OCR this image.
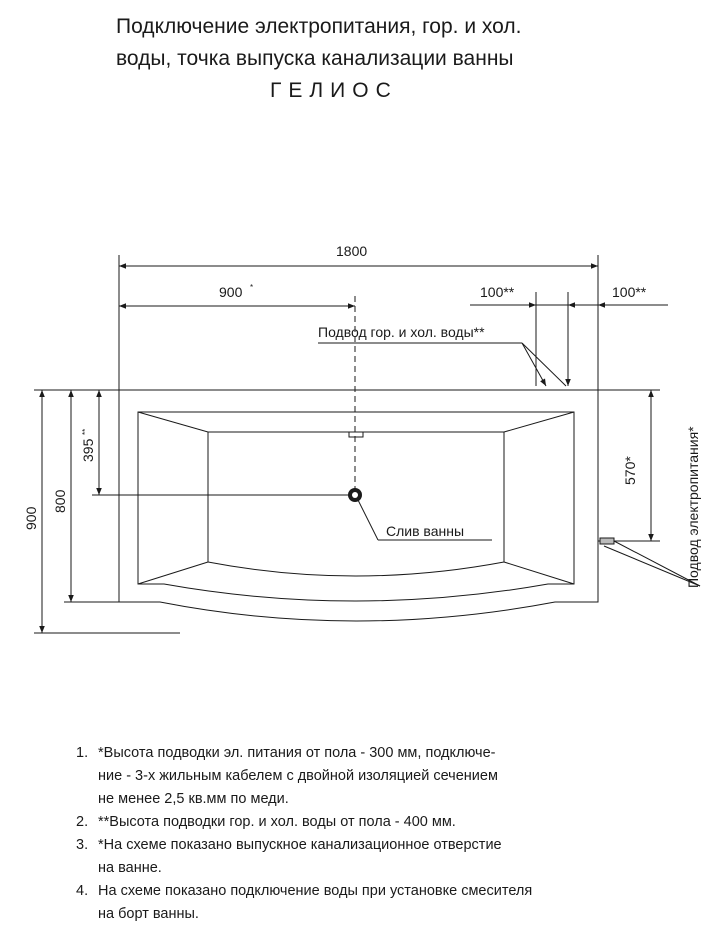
Подключение электропитания, гор. и хол.
воды, точка выпуска канализации ванны
ГЕЛИОС
1800
900 *	100**	100**
Подвод гор. и хол. воды**
Слив ванны
900
800
395
**
570*	Подвод электропитания*
1. *Высота подводки эл. питания от пола - 300 мм, подключе-
ние - 3-х жильным кабелем с двойной изоляцией сечением
не менее 2,5 кв.мм по меди.
2. **Высота подводки гор. и хол. воды от пола - 400 мм.
3. *На схеме показано выпускное канализационное отверстие
на ванне.
4. На схеме показано подключение воды при установке смесителя
на борт ванны.
